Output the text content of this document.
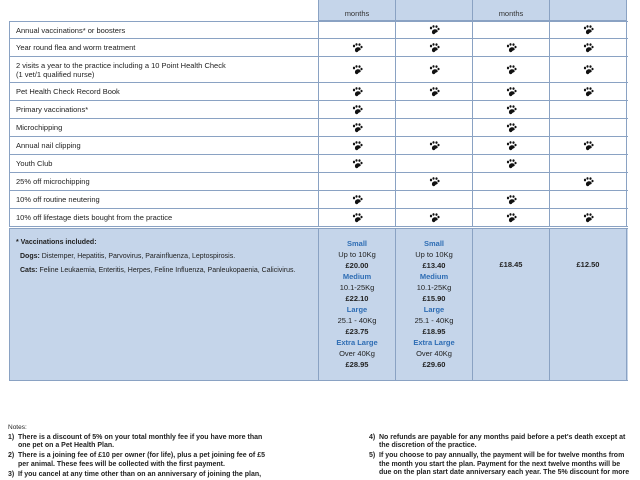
months	months
Annual vaccinations* or boosters
Year round flea and worm treatment
2 visits a year to the practice including a 10 Point Health Check
(1 vet/1 qualified nurse)
Pet Health Check Record Book
Primary vaccinations*
Microchipping
Annual nail clipping
Youth Club
25% off microchipping
10% off routine neutering
10% off lifestage diets bought from the practice
* Vaccinations included:

Dogs: Distemper, Hepatitis, Parvovirus, Parainfluenza, Leptospirosis.

Cats: Feline Leukaemia, Enteritis, Herpes, Feline Influenza, Panleukopaenia, Calicivirus.

Small
Up to 10Kg
£20.00
Medium
10.1-25Kg
£22.10
Large
25.1 - 40Kg
£23.75
Extra Large
Over 40Kg
£28.95
Small
Up to 10Kg
£13.40
Medium
10.1-25Kg
£15.90
Large
25.1 - 40Kg
£18.95
Extra Large
Over 40Kg
£29.60
£18.45	£12.50
Notes:
1) There is a discount of 5% on your total monthly fee if you have more than one pet on a Pet Health Plan.
2) There is a joining fee of £10 per owner (for life), plus a pet joining fee of £5 per animal. These fees will be collected with the first payment.
3) If you cancel at any time other than on an anniversary of joining the plan,
4) No refunds are payable for any months paid before a pet's death except at the discretion of the practice.
5) If you choose to pay annually, the payment will be for twelve months from the month you start the plan. Payment for the next twelve months will be due on the plan start date anniversary each year. The 5% discount for more
